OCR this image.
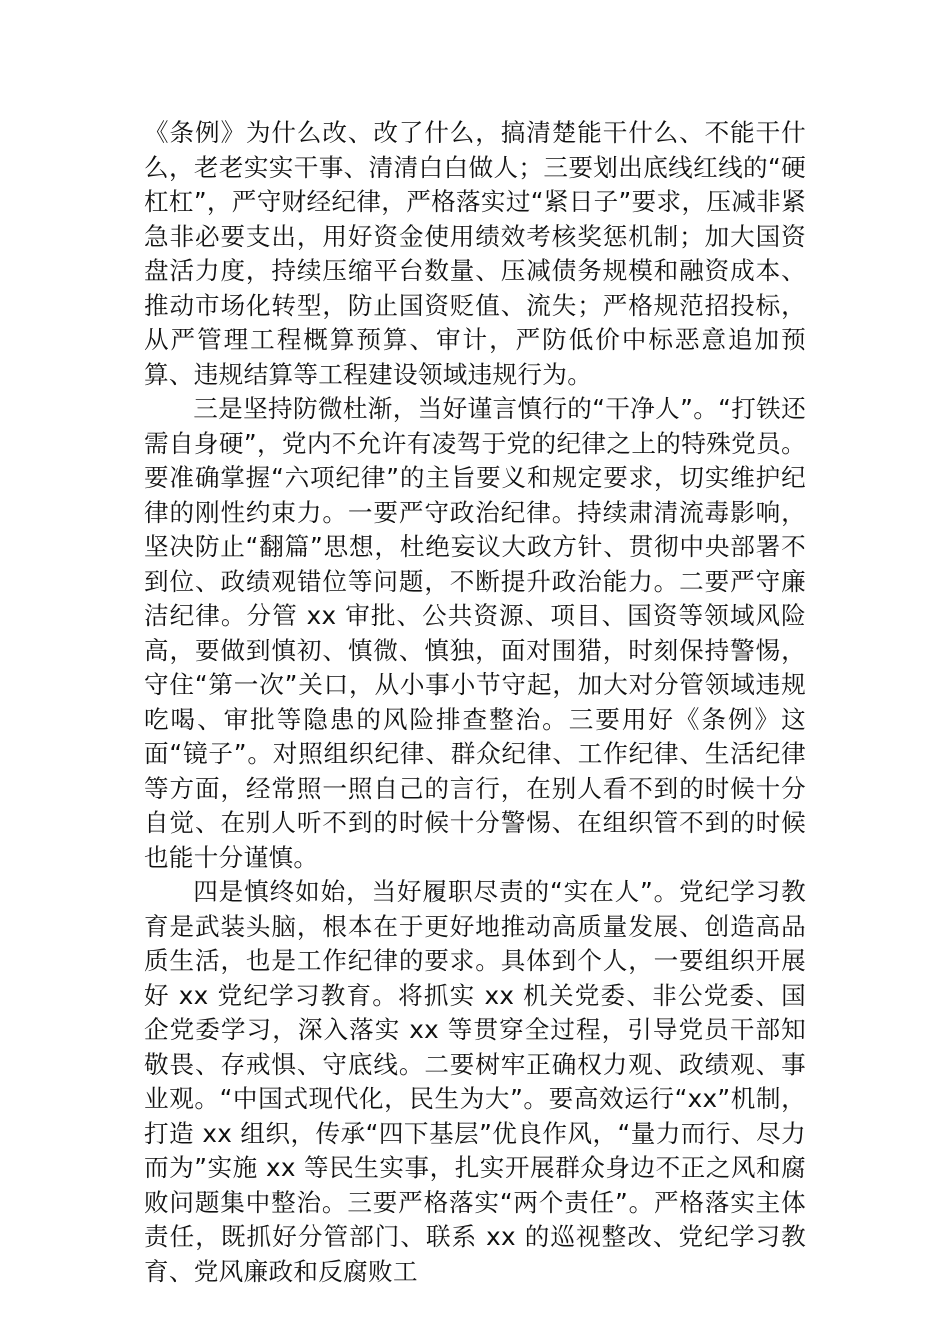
《条例》为什么改、改了什么，搞清楚能干什么、不能干什么，老老实实干事、清清白白做人；三要划出底线红线的“硬杠杠”，严守财经纪律，严格落实过“紧日子”要求，压减非紧急非必要支出，用好资金使用绩效考核奖惩机制；加大国资盘活力度，持续压缩平台数量、压减债务规模和融资成本、推动市场化转型，防止国资贬值、流失；严格规范招投标，从严管理工程概算预算、审计，严防低价中标恶意追加预算、违规结算等工程建设领域违规行为。

三是坚持防微杜渐，当好谨言慎行的“干净人”。“打铁还需自身硬”，党内不允许有凌驾于党的纪律之上的特殊党员。要准确掌握“六项纪律”的主旨要义和规定要求，切实维护纪律的刚性约束力。一要严守政治纪律。持续肃清流毒影响，坚决防止“翻篇”思想，杜绝妄议大政方针、贯彻中央部署不到位、政绩观错位等问题，不断提升政治能力。二要严守廉洁纪律。分管 xx 审批、公共资源、项目、国资等领域风险高，要做到慎初、慎微、慎独，面对围猎，时刻保持警惕，守住“第一次”关口，从小事小节守起，加大对分管领域违规吃喝、审批等隐患的风险排查整治。三要用好《条例》这面“镜子”。对照组织纪律、群众纪律、工作纪律、生活纪律等方面，经常照一照自己的言行，在别人看不到的时候十分自觉、在别人听不到的时候十分警惕、在组织管不到的时候也能十分谨慎。

四是慎终如始，当好履职尽责的“实在人”。党纪学习教育是武装头脑，根本在于更好地推动高质量发展、创造高品质生活，也是工作纪律的要求。具体到个人，一要组织开展好 xx 党纪学习教育。将抓实 xx 机关党委、非公党委、国企党委学习，深入落实 xx 等贯穿全过程，引导党员干部知敬畏、存戒惧、守底线。二要树牢正确权力观、政绩观、事业观。“中国式现代化，民生为大”。要高效运行“xx”机制，打造 xx 组织，传承“四下基层”优良作风，“量力而行、尽力而为”实施 xx 等民生实事，扎实开展群众身边不正之风和腐败问题集中整治。三要严格落实“两个责任”。严格落实主体责任，既抓好分管部门、联系 xx 的巡视整改、党纪学习教育、党风廉政和反腐败工
